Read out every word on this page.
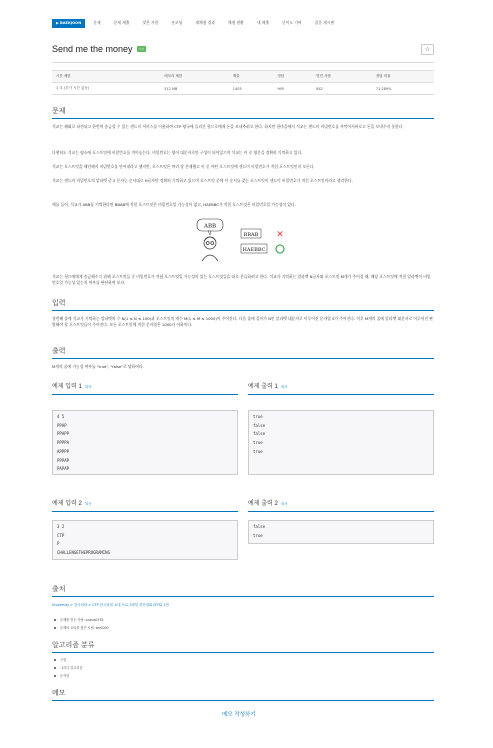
▶ BAEKJOON	문제	문제 제출	맞은 사람	숏코딩	재채점 결과	채점 현황	내 제출	난이도 기여	질문 게시판
Send me the money	서브	☆
시간 제한	메모리 제한	제출	정답	맞힌 사람	정답 비율
1 초 (추가 시간 없음)	512 MB	1405	995	842	71.289%
문제
석교는 해외로 파견되고 한번씩 송금할 수 있는 센드미 서비스를 이용하여 CTP 왕국에 들러간 형으로에게 돈을 모내추려고 한다. 하지만 한마을에서 석교는 센드미 비밀번호를 까먹어서바로고 돈을 모내주지 못한다
다행히도 석교는 평소에 포스트잇에 비밀번호를 적어놓는다. 비밀번호는 영어 대문자로만 구성이 되어있으며 석교는 이 중 영문을 정확히 기억하고 있다.
석교는 포스트잇을 해인해서 비밀번호를 만어내라고 했지만, 포스트잇은 여러 장 존재했고 이 중 어떤 포스트잇에 센드미 비밀번호가 적힌 포스트잇인지 모른다.
석교는 센드미 비밀번호의 알파벳 중 5 문자는 순서대로 H글자만 정확히 기억하고 있으며 포스트잇 중에 이 순서를 갖는 포스트잇이 센드미 비밀번호가 적힌 포스트잇이라고 생각한다.
예를 들어, 석교가 ABB를 기억한다면 BBAB에 적힌 포스트잇은 비밀번호일 가능성이 없고, HAEBBC가 적힌 포스트잇은 비밀번호일 가능성이 있다.
ABB
BBAB ✕
HAEBBC
석교는 형으에에게 송금해주기 위해 포스트잇들 중 비밀번호가 적혔 포스트잇일 가능성이 있는 포스트잇들을 따로 분류하려고 한다. 석교가 기억하는 알파벳 N글자와 포스트잇 M개가 주어질 때, 해당 포스트잇에 적힌 알파벳이 비밀번호일 가능성 있는지 여부를 판단하여 보자.
입력
첫번째 줄에 석교가 기억하는 알파벳의 수 N(1 ≤ N ≤ 100)과 포스트잇의 개수 M(1 ≤ M ≤ 1000)이 주어진다. 다음 줄에 길이가 N인 알파벳 대문자로 이루어진 문자열 S가 주어진다. 이후 M개의 줄에 알파벳 대문자로 이루어진 판별해야 할 포스트잇들이 주어진다. 모든 포스트잇에 적힌 문자열은 1000자 이하이다.
출력
M개의 줄에 가능성 여부를 "true", "false"로 답하여라.
예제 입력 1 복사
4 5
PPAP
PPAPP
PPPPA
APPPP
PPPAP
PAPAP
예제 출력 1 복사
true
false
false
true
true
예제 입력 2 복사
3 2
CTP
P
CHALLENGETHEPROGRAMING
예제 출력 2 복사
false
true
출처
University > 한국외대 > CTP 한국외대 교내 프로그래밍 경진대회 (ETS) 1번
문제를 만든 사람: pneus0378
문제의 오타를 찾은 사람: tor0000
알고리즘 분류
구현
그리디 알고리즘
문자열
메모
메모 작성하기
